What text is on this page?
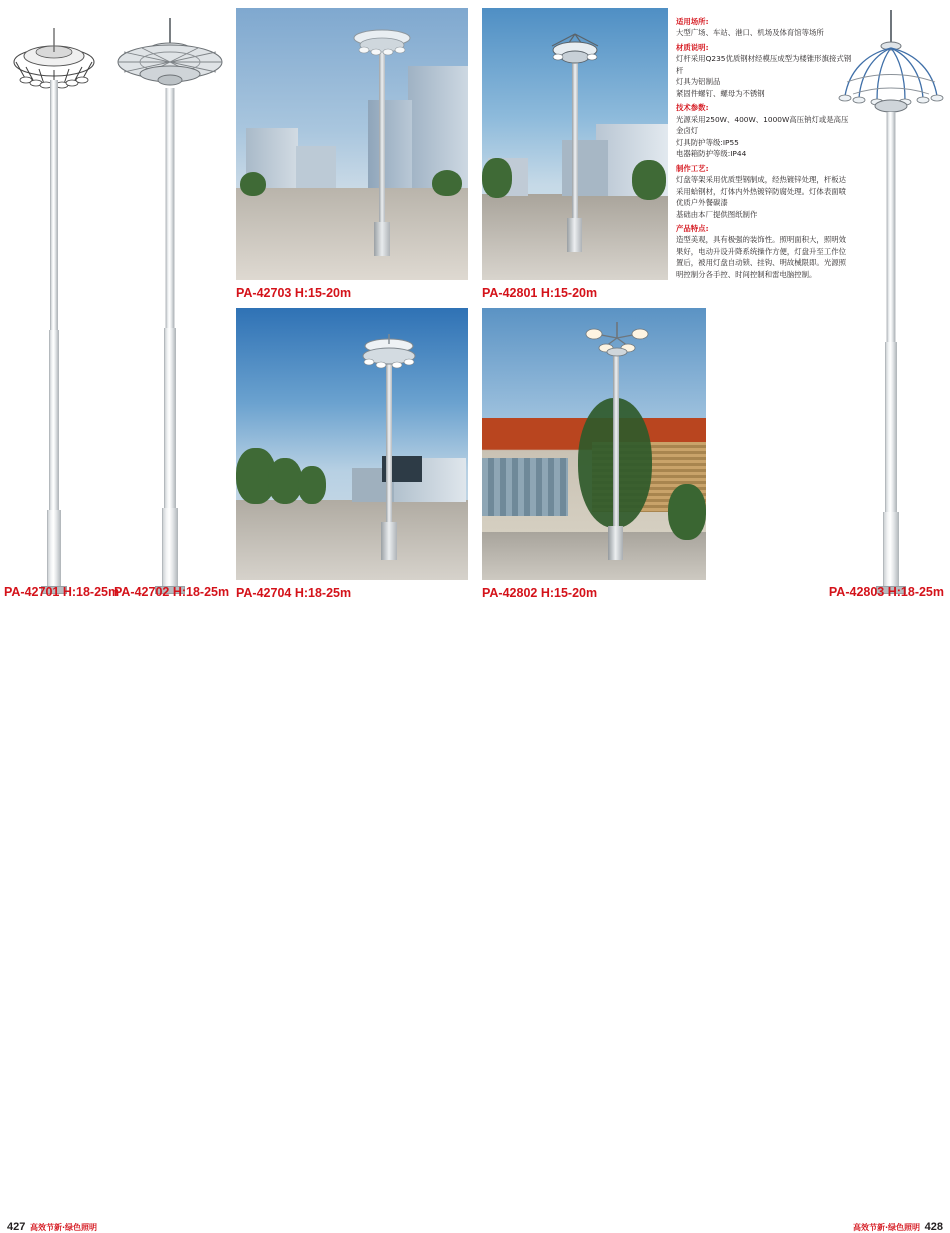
PA-42701 H:18-25m
PA-42702 H:18-25m
PA-42703 H:15-20m
PA-42704 H:18-25m
PA-42801 H:15-20m
PA-42802 H:15-20m
适用场所:

大型广场、车站、港口、机场及体育馆等场所

材质说明:

灯杆采用Q235优质钢材经模压成型为楼锥形旗接式钢杆

灯具为铝制品

紧固件螺钉、螺母为不锈钢

技术参数:

光源采用250W、400W、1000W高压钠灯或是高压金卤灯

灯具防护等级:IP55

电器箱防护等级:IP44

制作工艺:

灯盘等架采用优质型钢制成，经热镀锌处理，杆板达采用蛤钢材，灯体内外热镀锌防腐处理。灯体表面喷优质户外餐碳漆

基础由本厂提供图纸制作

产品特点:

造型美观，具有极强的装饰性。照明面积大，照明效果好，电动升设升降系统操作方便，灯盘升至工作位置后，被用灯盘自动锁、挂钩、明故械限即。光源照明控制分各手控、时间控制和雷电脑控制。

PA-42803 H:18-25m
427 高效节新·绿色照明	高效节新·绿色照明 428
